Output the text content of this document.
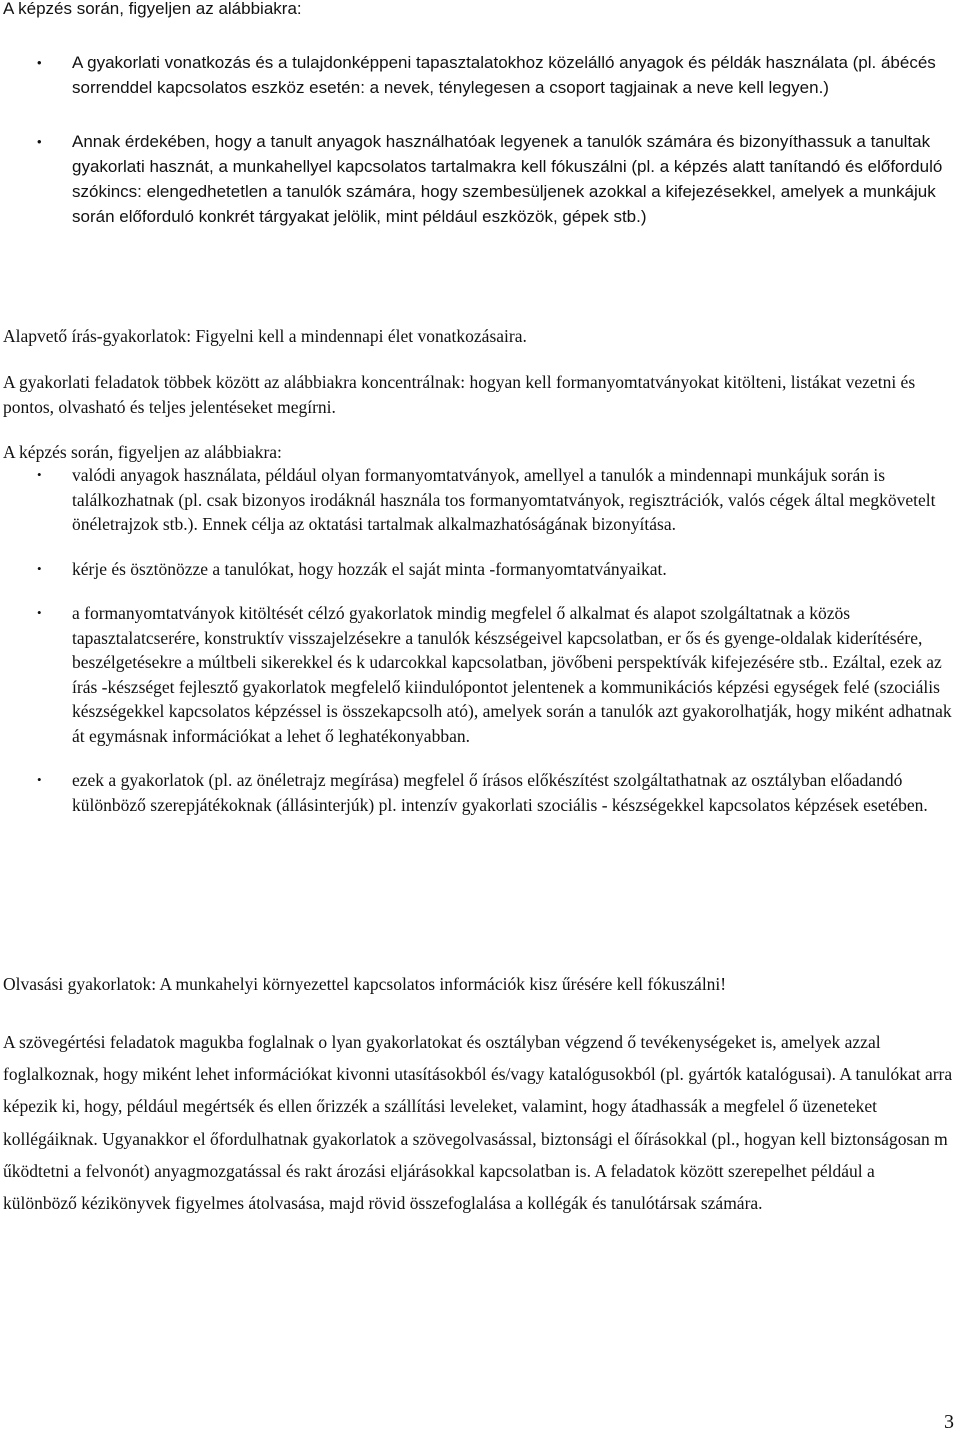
A képzés során, figyeljen az alábbiakra:

• A gyakorlati vonatkozás és a tulajdonképpeni tapasztalatokhoz közelálló anyagok és példák használata (pl. ábécés sorrenddel kapcsolatos eszköz esetén: a nevek, ténylegesen a csoport tagjainak a neve kell legyen.)
• Annak érdekében, hogy a tanult anyagok használhatóak legyenek a tanulók számára és bizonyíthassuk a tanultak gyakorlati hasznát, a munkahellyel kapcsolatos tartalmakra kell fókuszálni (pl. a képzés alatt tanítandó és előforduló szókincs: elengedhetetlen a tanulók számára, hogy szembesüljenek azokkal a kifejezésekkel, amelyek a munkájuk során előforduló konkrét tárgyakat jelölik, mint például eszközök, gépek stb.)

Alapvető írás-gyakorlatok: Figyelni kell a mindennapi élet vonatkozásaira.

A gyakorlati feladatok többek között az alábbiakra koncentrálnak: hogyan kell formanyomtatványokat kitölteni, listákat vezetni és pontos, olvasható és teljes jelentéseket megírni.

A képzés során, figyeljen az alábbiakra:

• valódi anyagok használata, például olyan formanyomtatványok, amellyel a tanulók a mindennapi munkájuk során is találkozhatnak (pl. csak bizonyos irodáknál használa tos formanyomtatványok, regisztrációk, valós cégek által megkövetelt önéletrajzok stb.). Ennek célja az oktatási tartalmak alkalmazhatóságának bizonyítása.
• kérje és ösztönözze a tanulókat, hogy hozzák el saját minta -formanyomtatványaikat.
• a formanyomtatványok kitöltését célzó gyakorlatok mindig megfelel ő alkalmat és alapot szolgáltatnak a közös tapasztalatcserére, konstruktív visszajelzésekre a tanulók készségeivel kapcsolatban, er ős és gyenge-oldalak kiderítésére, beszélgetésekre a múltbeli sikerekkel és k udarcokkal kapcsolatban, jövőbeni perspektívák kifejezésére stb.. Ezáltal, ezek az írás -készséget fejlesztő gyakorlatok megfelelő kiindulópontot jelentenek a kommunikációs képzési egységek felé (szociális készségekkel kapcsolatos képzéssel is összekapcsolh ató), amelyek során a tanulók azt gyakorolhatják, hogy miként adhatnak át egymásnak információkat a lehet ő leghatékonyabban.
• ezek a gyakorlatok (pl. az önéletrajz megírása) megfelel ő írásos előkészítést szolgáltathatnak az osztályban előadandó különböző szerepjátékoknak (állásinterjúk) pl. intenzív gyakorlati szociális - készségekkel kapcsolatos képzések esetében.

Olvasási gyakorlatok: A munkahelyi környezettel kapcsolatos információk kisz űrésére kell fókuszálni!

A szövegértési feladatok magukba foglalnak o lyan gyakorlatokat és osztályban végzend ő tevékenységeket is, amelyek azzal foglalkoznak, hogy miként lehet információkat kivonni utasításokból és/vagy katalógusokból (pl. gyártók katalógusai). A tanulókat arra képezik ki, hogy, például megértsék és ellen őrizzék a szállítási leveleket, valamint, hogy átadhassák a megfelel ő üzeneteket kollégáiknak. Ugyanakkor el őfordulhatnak gyakorlatok a szövegolvasással, biztonsági el őírásokkal (pl., hogyan kell biztonságosan m űködtetni a felvonót) anyagmozgatással és rakt ározási eljárásokkal kapcsolatban is. A feladatok között szerepelhet például a különböző kézikönyvek figyelmes átolvasása, majd rövid összefoglalása a kollégák és tanulótársak számára.

3
